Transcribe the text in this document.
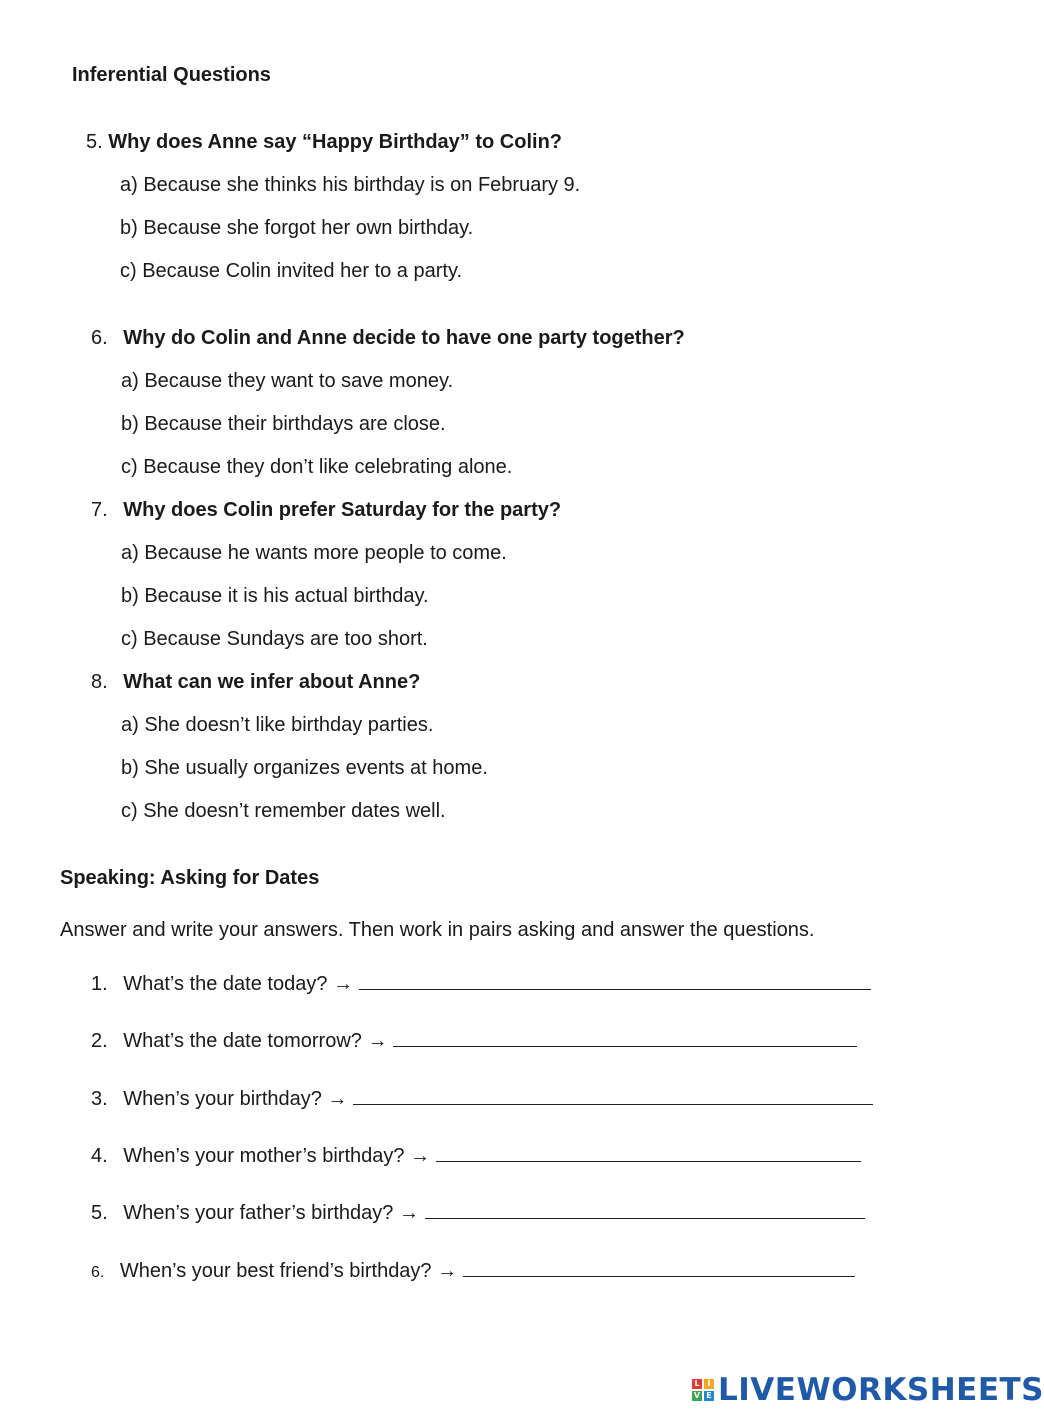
Inferential Questions
5. Why does Anne say “Happy Birthday” to Colin?
a) Because she thinks his birthday is on February 9.
b) Because she forgot her own birthday.
c) Because Colin invited her to a party.
6. Why do Colin and Anne decide to have one party together?
a) Because they want to save money.
b) Because their birthdays are close.
c) Because they don’t like celebrating alone.
7. Why does Colin prefer Saturday for the party?
a) Because he wants more people to come.
b) Because it is his actual birthday.
c) Because Sundays are too short.
8. What can we infer about Anne?
a) She doesn’t like birthday parties.
b) She usually organizes events at home.
c) She doesn’t remember dates well.
Speaking: Asking for Dates
Answer and write your answers. Then work in pairs asking and answer the questions.
1. What’s the date today? →
2. What’s the date tomorrow? →
3. When’s your birthday? →
4. When’s your mother’s birthday? →
5. When’s your father’s birthday? →
6. When’s your best friend’s birthday? →
L I
V E LIVEWORKSHEETS
